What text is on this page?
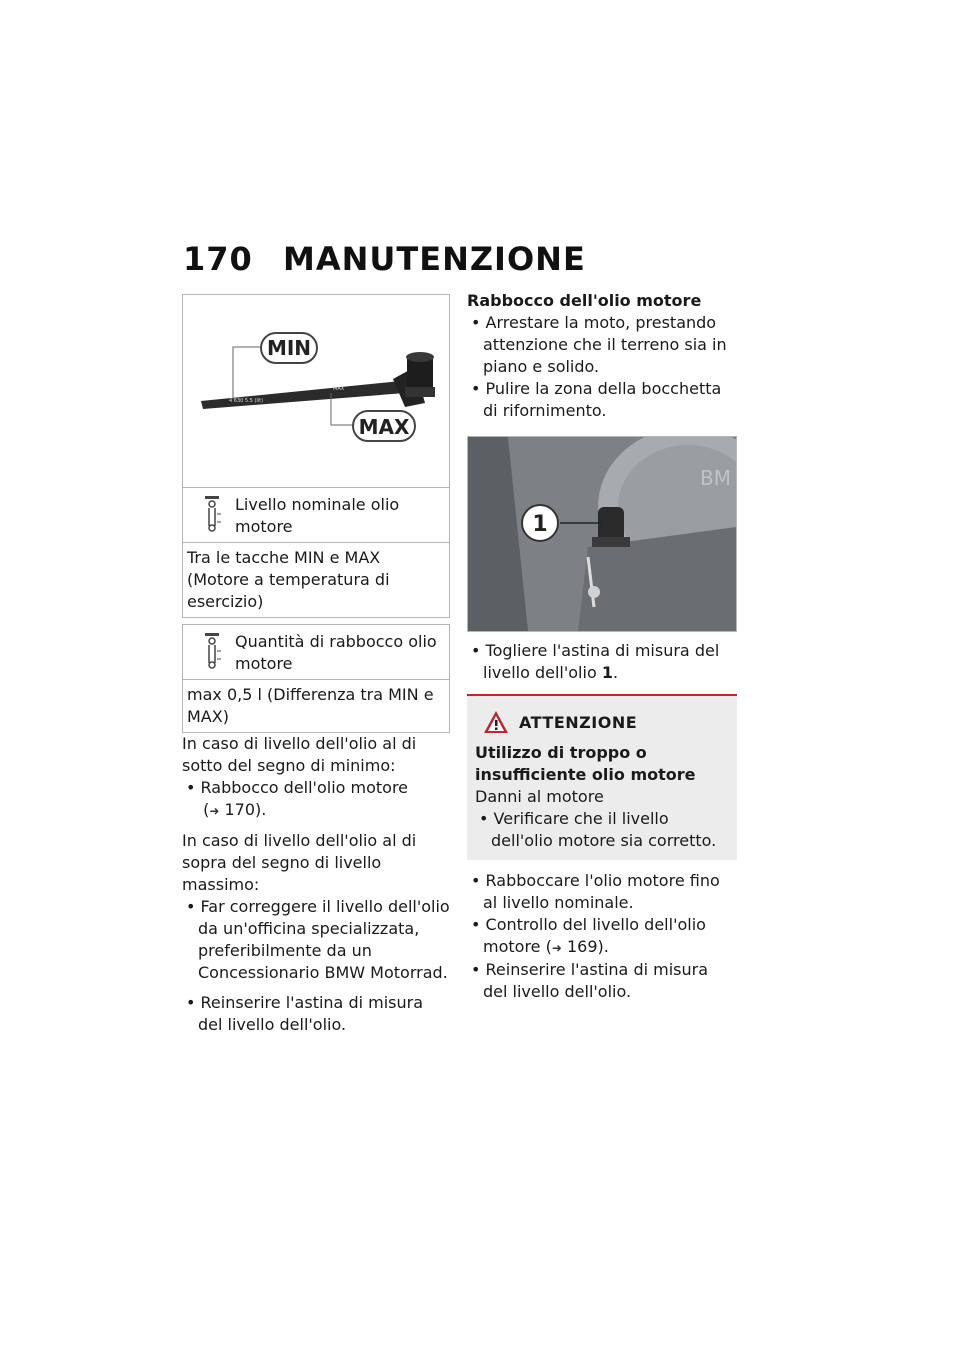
170 MANUTENZIONE
4 630 5.5 (lit)
MAX
MIN
MAX
Livello nominale olio motore
Tra le tacche MIN e MAX (Motore a temperatura di esercizio)
Quantità di rabbocco olio motore
max 0,5 l (Differenza tra MIN e MAX)

In caso di livello dell'olio al di sotto del segno di minimo:

• Rabbocco dell'olio motore
(➜ 170).

In caso di livello dell'olio al di sopra del segno di livello massimo:

• Far correggere il livello dell'olio da un'officina specializzata, preferibilmente da un Concessionario BMW Motorrad.
• Reinserire l'astina di misura del livello dell'olio.
Rabbocco dell'olio motore
• Arrestare la moto, prestando attenzione che il terreno sia in piano e solido.
• Pulire la zona della bocchetta di rifornimento.
BM
1
• Togliere l'astina di misura del livello dell'olio 1.
ATTENZIONE
Utilizzo di troppo o insufficiente olio motore

Danni al motore

• Verificare che il livello dell'olio motore sia corretto.
• Rabboccare l'olio motore fino al livello nominale.
• Controllo del livello dell'olio motore (➜ 169).
• Reinserire l'astina di misura del livello dell'olio.
